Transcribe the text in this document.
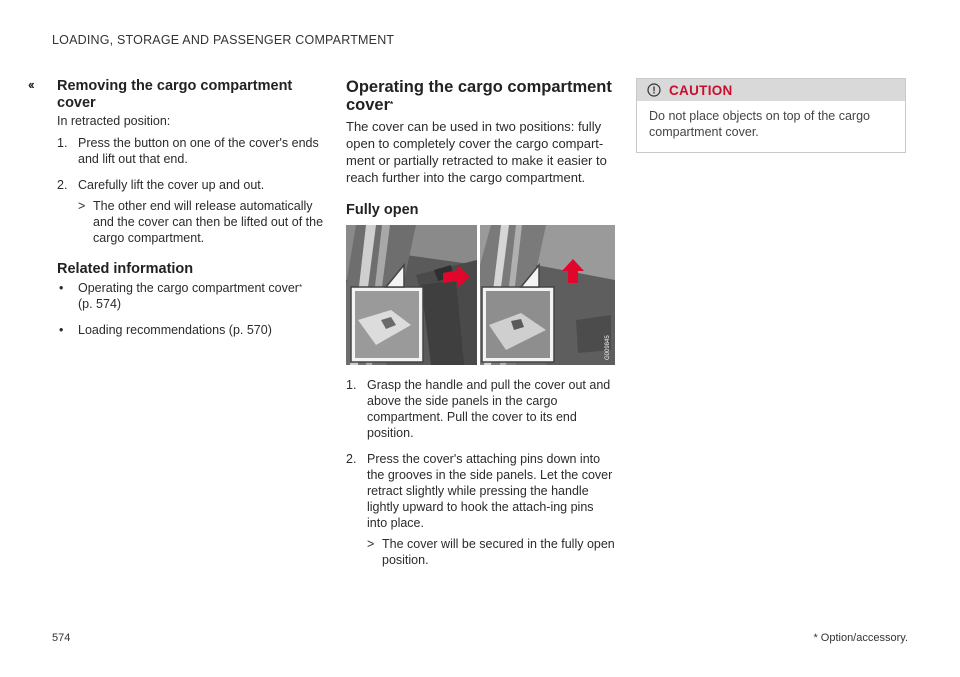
LOADING, STORAGE AND PASSENGER COMPARTMENT
‹‹ Removing the cargo compartment cover

In retracted position:

1. Press the button on one of the cover's ends and lift out that end.
2. Carefully lift the cover up and out.
> The other end will release automatically and the cover can then be lifted out of the cargo compartment.
Related information
• Operating the cargo compartment cover*
(p. 574)
• Loading recommendations (p. 570)
Operating the cargo compartment cover*

The cover can be used in two positions: fully open to completely cover the cargo compart-ment or partially retracted to make it easier to reach further into the cargo compartment.

Fully open
G009845
1. Grasp the handle and pull the cover out and above the side panels in the cargo compartment. Pull the cover to its end position.
2. Press the cover's attaching pins down into the grooves in the side panels. Let the cover retract slightly while pressing the handle lightly upward to hook the attach-ing pins into place.
> The cover will be secured in the fully open position.
! CAUTION
Do not place objects on top of the cargo compartment cover.
574	* Option/accessory.
